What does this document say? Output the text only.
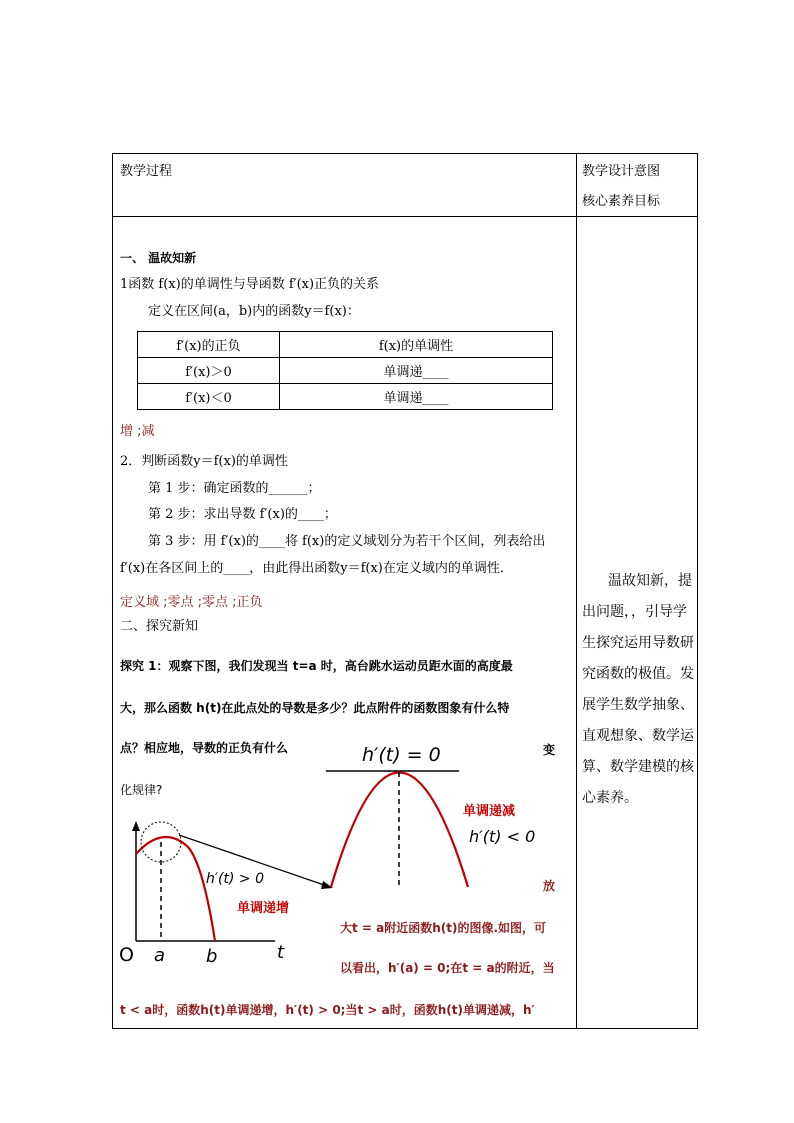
教学过程	教学设计意图
核心素养目标
一、 温故知新
1函数 f(x)的单调性与导函数 f′(x)正负的关系
定义在区间(a，b)内的函数y＝f(x)：
f′(x)的正负	f(x)的单调性
f′(x)＞0	单调递____
f′(x)＜0	单调递____
增 ;减
2．判断函数y＝f(x)的单调性
第 1 步：确定函数的______；
第 2 步：求出导数 f′(x)的____；
第 3 步：用 f′(x)的____将 f(x)的定义域划分为若干个区间，列表给出
f′(x)在各区间上的____，由此得出函数y＝f(x)在定义域内的单调性．
定义域 ;零点 ;零点 ;正负
二、探究新知
探究 1：观察下图，我们发现当 t=a 时，高台跳水运动员距水面的高度最
大，那么函数 h(t)在此点处的导数是多少？此点附件的函数图象有什么特
点？相应地，导数的正负有什么	变
化规律?
h′(t) > 0
单调递增
O a b	t
h′(t) = 0
单调递减
h′(t) < 0
放
大t = a附近函数h(t)的图像.如图，可
以看出，h′(a) = 0;在t = a的附近，当
t < a时，函数h(t)单调递增，h′(t) > 0;当t > a时，函数h(t)单调递减，h′
温故知新，提出问题，，引导学生探究运用导数研究函数的极值。发展学生数学抽象、直观想象、数学运算、数学建模的核心素养。
